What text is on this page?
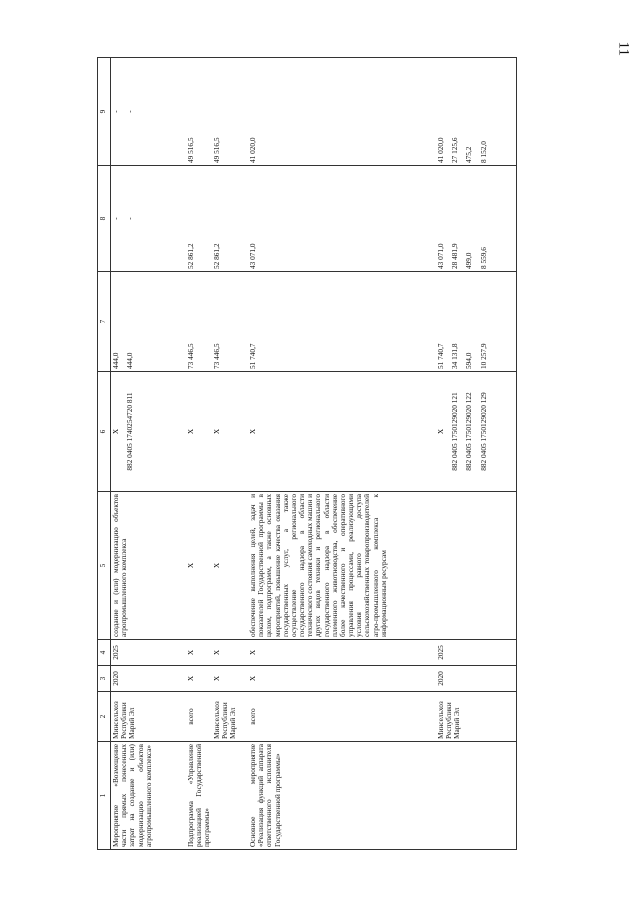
11
1	2	3	4	5	6	7	8	9
Мероприятие «Возмещение части прямых понесенных затрат на создание и (или) модернизацию объектов агропромышленного комплекса»	Минсельхоз Республики Марий Эл	2020	2025	создание и (или) модернизацию объектов агропромышленного комплекса	X 882 0405 1740254720 811	444,0 444,0	- -	- -

Подпрограмма «Управление реализацией Государственной программы»	всего	X	X	X	X	73 446,5	52 861,2	49 516,5
	Минсельхоз Республики Марий Эл	X	X	X	X	73 446,5	52 861,2	49 516,5
Основное мероприятие «Реализация функций аппарата ответственного исполнителя Государственной программы»	всего	X	X	обеспечение выполнения целей, задач и показателей Государственной программы в целом, подпрограмм, а также основных мероприятий, повышение качества оказания государственных услуг, а также осуществление регионального государственного надзора в области технического состояния самоходных машин и других видов техники и регионального государственного надзора в области племенного животноводства, обеспечение более качественного и оперативного управления процессами, реализующими условия равного доступа сельскохозяйственных товаропроизводителей агро-промышленного комплекса к информационным ресурсам	X	51 740,7	43 071,0	41 020,0
	Минсельхоз Республики Марий Эл	2020	2025		X 882 0405 1750129020 121 882 0405 1750129020 122 882 0405 1750129020 129	51 740,7 34 131,8 594,0 10 257,9	43 071,0 28 481,9 499,0 8 559,6	41 020,0 27 125,6 475,2 8 152,0
